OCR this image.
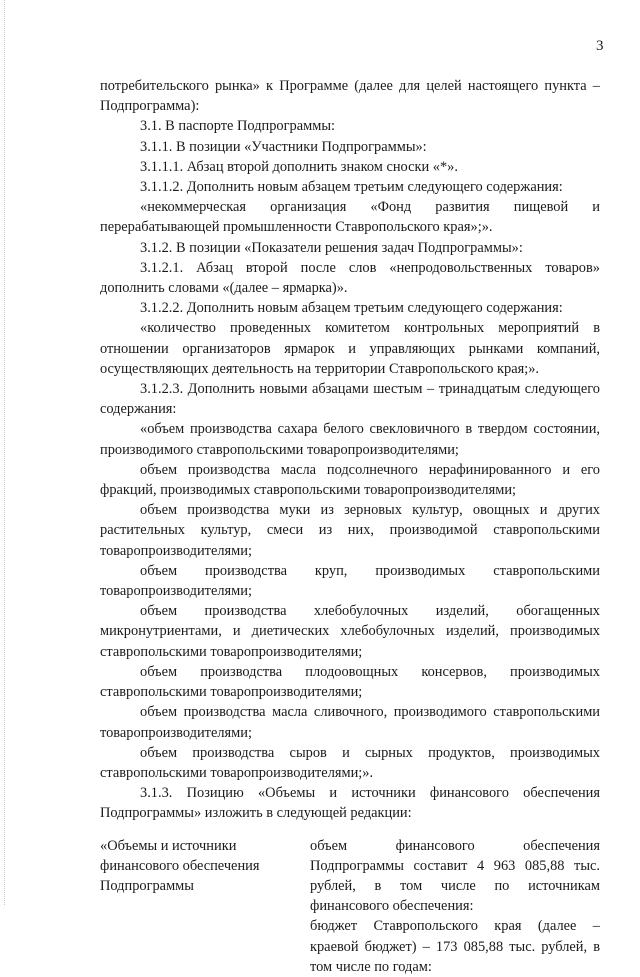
3

потребительского рынка» к Программе (далее для целей настоящего пункта – Подпрограмма):

3.1. В паспорте Подпрограммы:

3.1.1. В позиции «Участники Подпрограммы»:

3.1.1.1. Абзац второй дополнить знаком сноски «*».

3.1.1.2. Дополнить новым абзацем третьим следующего содержания:

«некоммерческая организация «Фонд развития пищевой и перерабатывающей промышленности Ставропольского края»;».

3.1.2. В позиции «Показатели решения задач Подпрограммы»:

3.1.2.1. Абзац второй после слов «непродовольственных товаров» дополнить словами «(далее – ярмарка)».

3.1.2.2. Дополнить новым абзацем третьим следующего содержания:

«количество проведенных комитетом контрольных мероприятий в отношении организаторов ярмарок и управляющих рынками компаний, осуществляющих деятельность на территории Ставропольского края;».

3.1.2.3. Дополнить новыми абзацами шестым – тринадцатым следующего содержания:

«объем производства сахара белого свекловичного в твердом состоянии, производимого ставропольскими товаропроизводителями;

объем производства масла подсолнечного нерафинированного и его фракций, производимых ставропольскими товаропроизводителями;

объем производства муки из зерновых культур, овощных и других растительных культур, смеси из них, производимой ставропольскими товаропроизводителями;

объем производства круп, производимых ставропольскими товаропроизводителями;

объем производства хлебобулочных изделий, обогащенных микронутриентами, и диетических хлебобулочных изделий, производимых ставропольскими товаропроизводителями;

объем производства плодоовощных консервов, производимых ставропольскими товаропроизводителями;

объем производства масла сливочного, производимого ставропольскими товаропроизводителями;

объем производства сыров и сырных продуктов, производимых ставропольскими товаропроизводителями;».

3.1.3. Позицию «Объемы и источники финансового обеспечения Подпрограммы» изложить в следующей редакции:

«Объемы и источники финансового обеспечения Подпрограммы

объем финансового обеспечения Подпрограммы составит 4 963 085,88 тыс. рублей, в том числе по источникам финансового обеспечения:

бюджет Ставропольского края (далее – краевой бюджет) – 173 085,88 тыс. рублей, в том числе по годам:
